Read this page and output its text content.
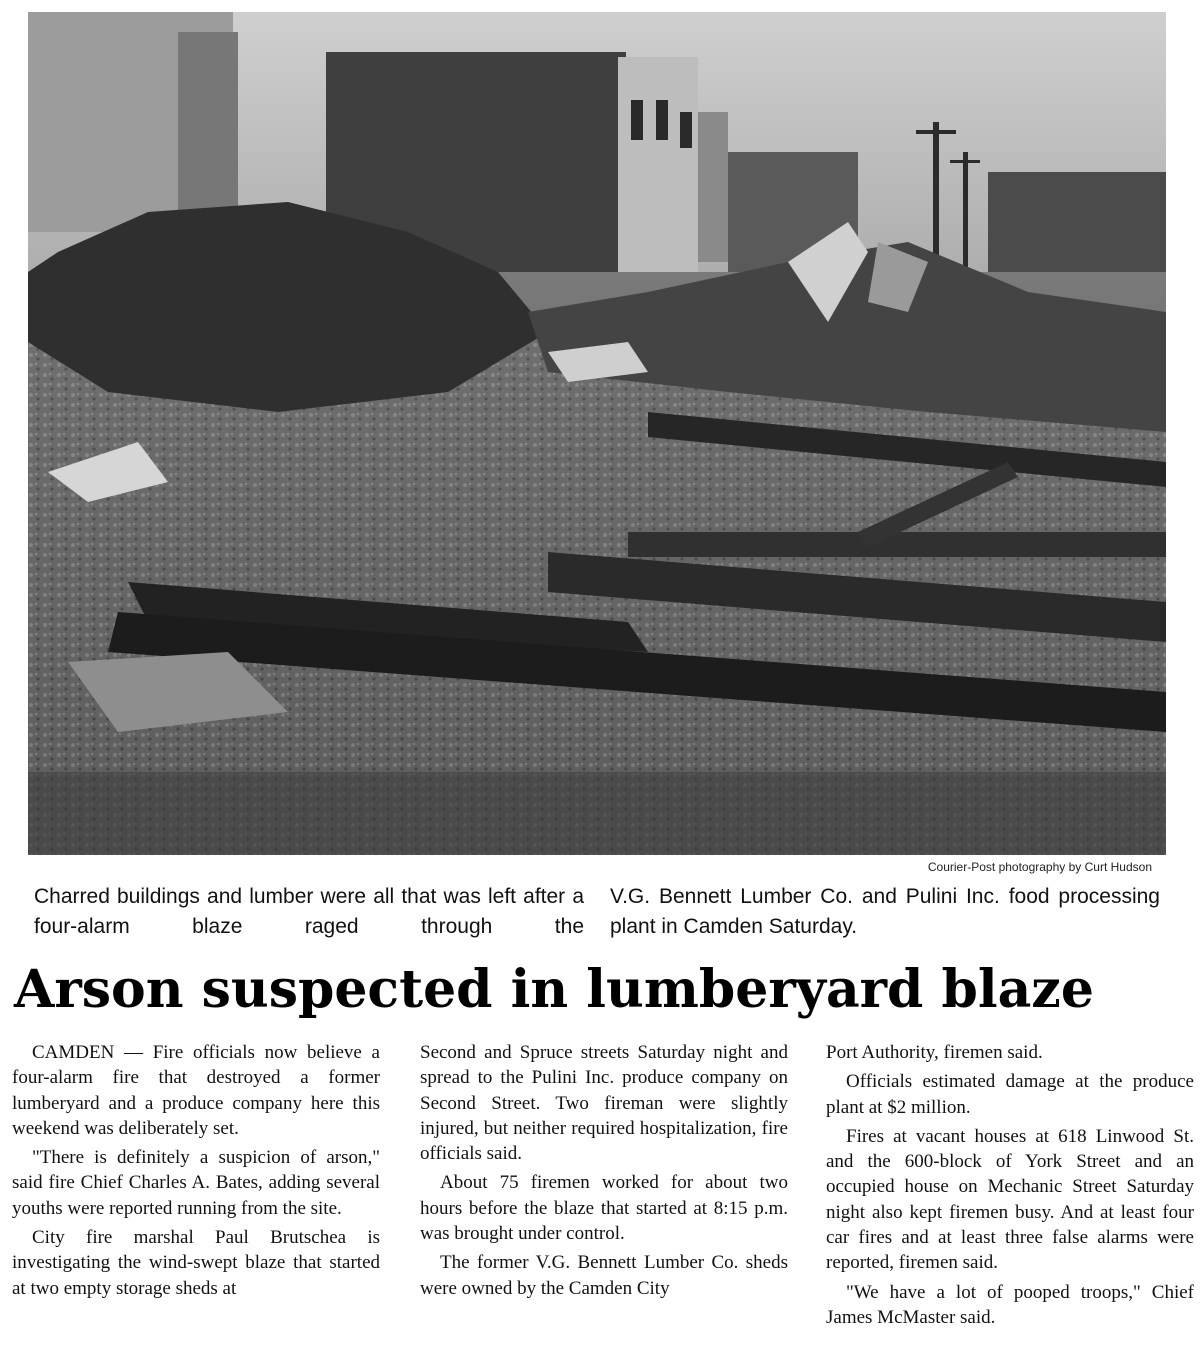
Courier-Post photography by Curt Hudson
Charred buildings and lumber were all that was left after a four-alarm blaze raged through the
V.G. Bennett Lumber Co. and Pulini Inc. food processing plant in Camden Saturday.
Arson suspected in lumberyard blaze

CAMDEN — Fire officials now believe a four-alarm fire that destroyed a former lumberyard and a produce company here this weekend was deliberately set.

"There is definitely a suspicion of arson," said fire Chief Charles A. Bates, adding several youths were reported running from the site.

City fire marshal Paul Brutschea is investigating the wind-swept blaze that started at two empty storage sheds at

Second and Spruce streets Saturday night and spread to the Pulini Inc. produce company on Second Street. Two fireman were slightly injured, but neither required hospitalization, fire officials said.

About 75 firemen worked for about two hours before the blaze that started at 8:15 p.m. was brought under control.

The former V.G. Bennett Lumber Co. sheds were owned by the Camden City

Port Authority, firemen said.

Officials estimated damage at the produce plant at $2 million.

Fires at vacant houses at 618 Linwood St. and the 600-block of York Street and an occupied house on Mechanic Street Saturday night also kept firemen busy. And at least four car fires and at least three false alarms were reported, firemen said.

"We have a lot of pooped troops," Chief James McMaster said.
